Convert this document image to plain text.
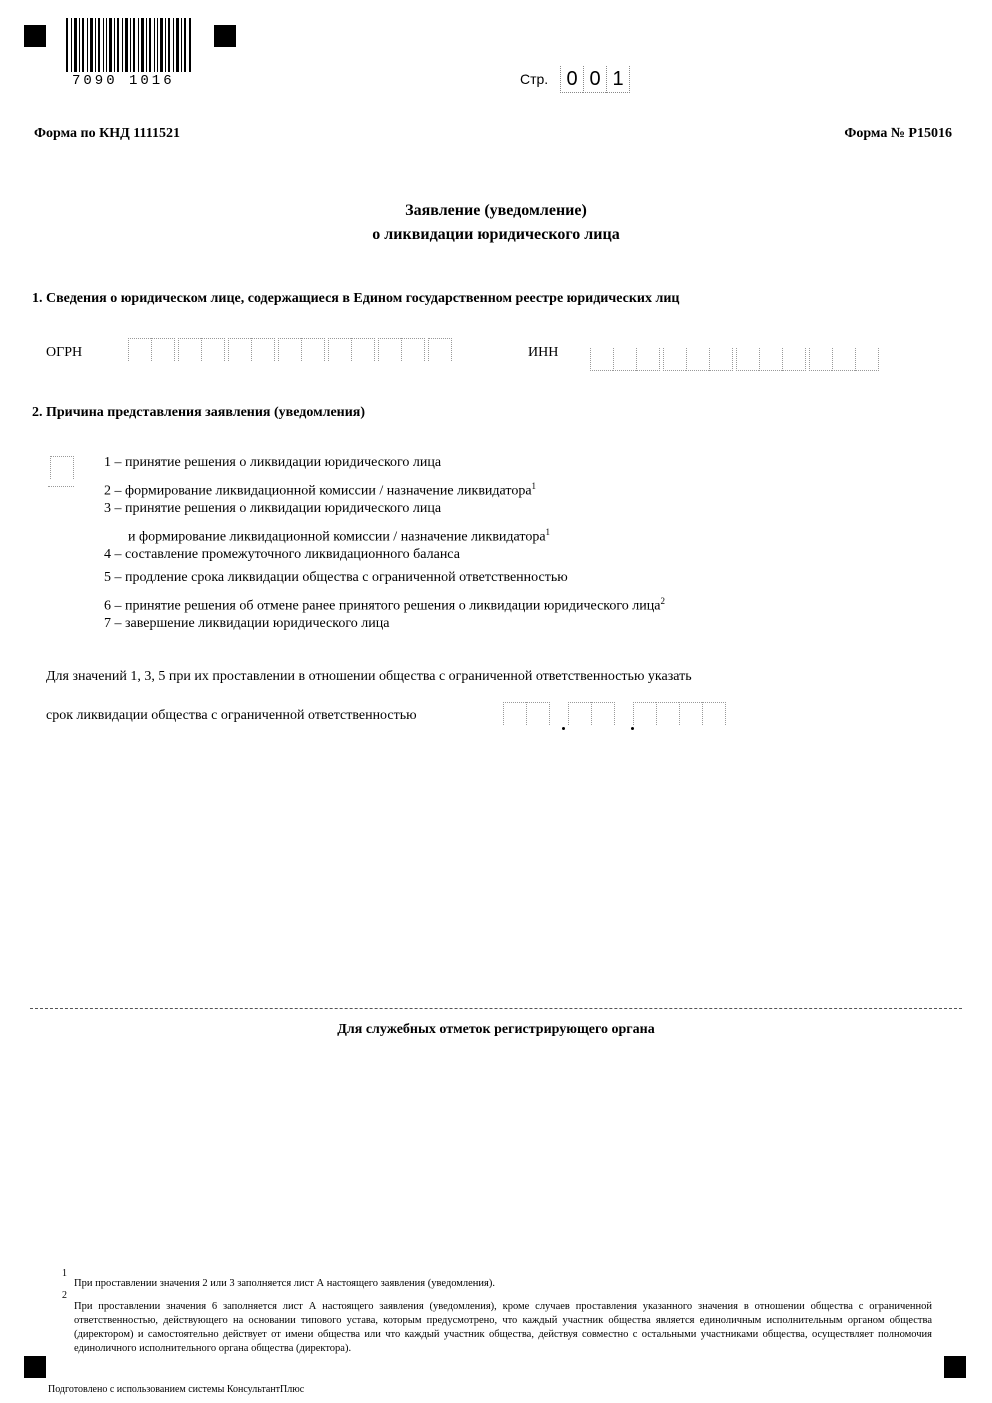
7090 1016	Стр. 0 0 1
Форма по КНД 1111521	Форма № Р15016
Заявление (уведомление)
о ликвидации юридического лица
1. Сведения о юридическом лице, содержащиеся в Едином государственном реестре юридических лиц
ОГРН	ИНН
2. Причина представления заявления (уведомления)
1 – принятие решения о ликвидации юридического лица
2 – формирование ликвидационной комиссии / назначение ликвидатора$^1$
3 – принятие решения о ликвидации юридического лица
и формирование ликвидационной комиссии / назначение ликвидатора$^1$
4 – составление промежуточного ликвидационного баланса
5 – продление срока ликвидации общества с ограниченной ответственностью
6 – принятие решения об отмене ранее принятого решения о ликвидации юридического лица$^2$
7 – завершение ликвидации юридического лица
Для значений 1, 3, 5 при их проставлении в отношении общества с ограниченной ответственностью указать
срок ликвидации общества с ограниченной ответственностью
Для служебных отметок регистрирующего органа
1
При проставлении значения 2 или 3 заполняется лист А настоящего заявления (уведомления).
2
При проставлении значения 6 заполняется лист А настоящего заявления (уведомления), кроме случаев проставления указанного значения в отношении общества с ограниченной ответственностью, действующего на основании типового устава, которым предусмотрено, что каждый участник общества является единоличным исполнительным органом общества (директором) и самостоятельно действует от имени общества или что каждый участник общества, действуя совместно с остальными участниками общества, осуществляет полномочия единоличного исполнительного органа общества (директора).
Подготовлено с использованием системы КонсультантПлюс
